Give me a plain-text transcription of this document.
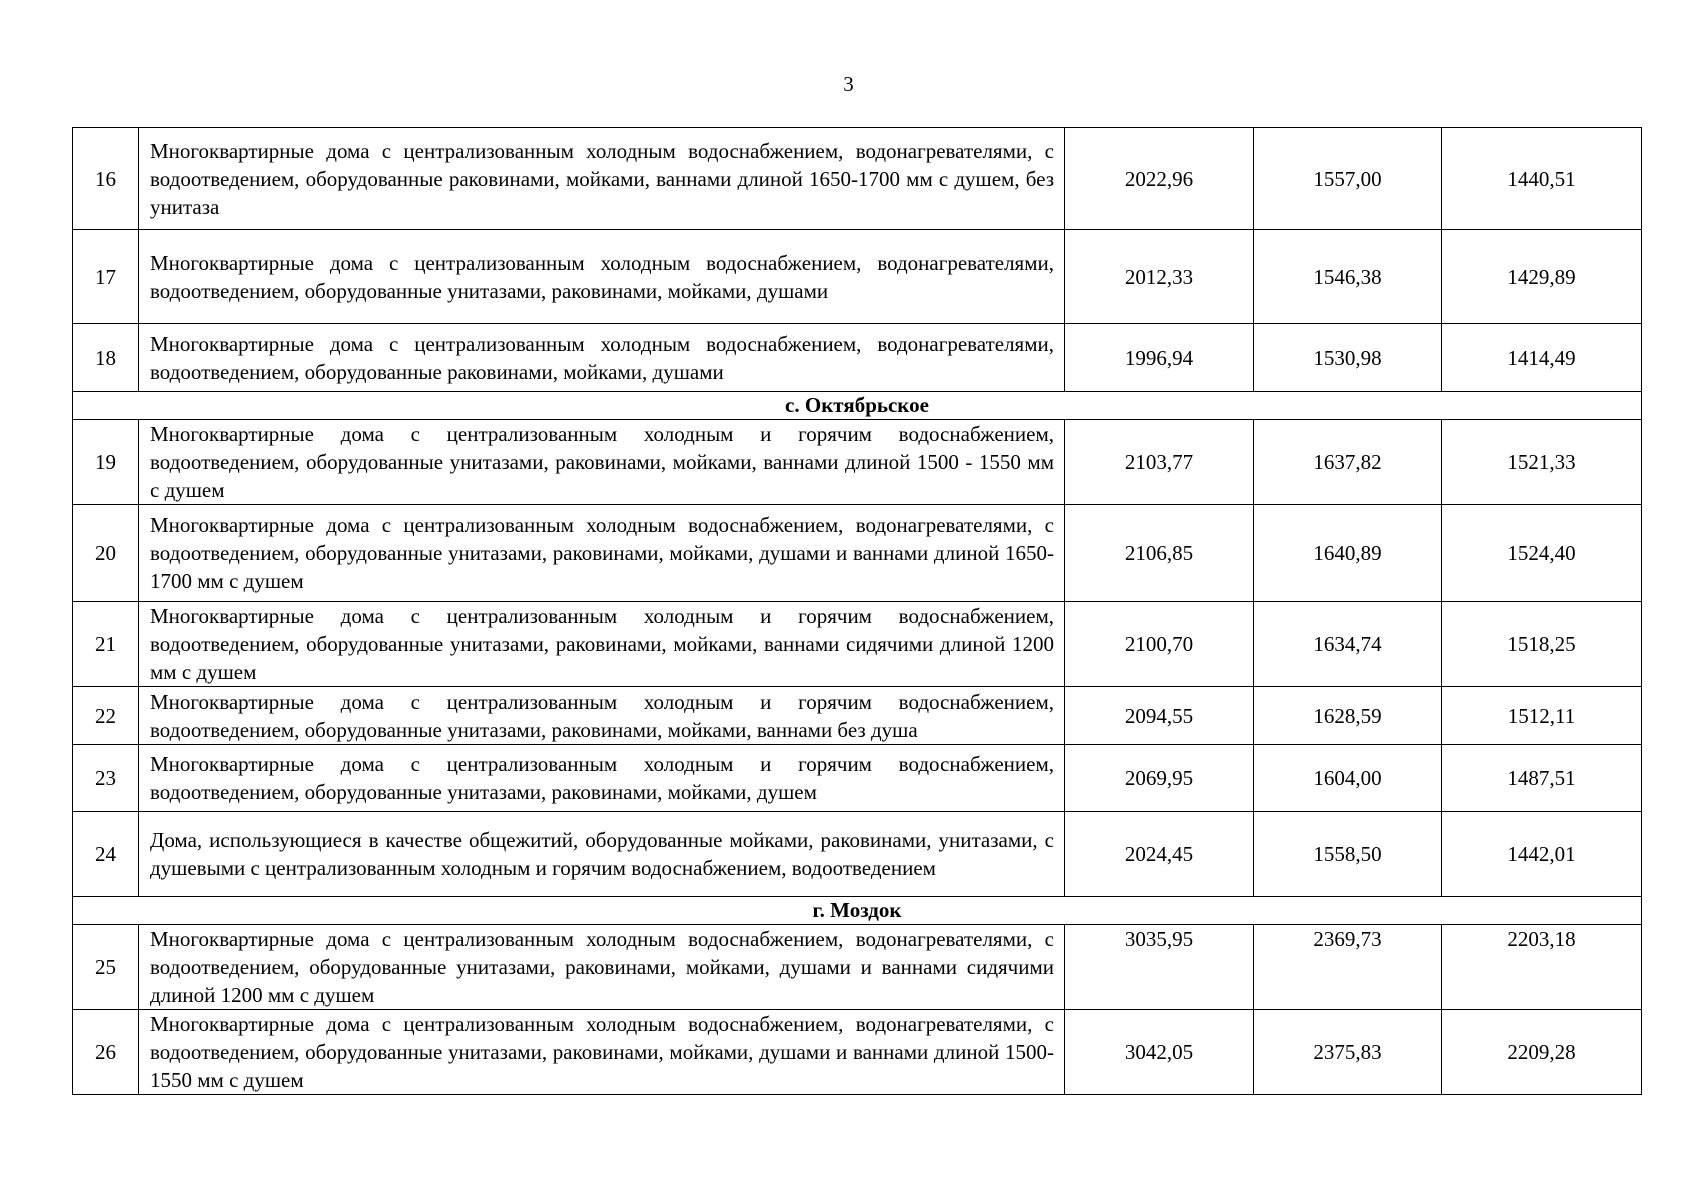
3
16	Многоквартирные дома с централизованным холодным водоснабжением, водонагревателями, с водоотведением, оборудованные раковинами, мойками, ваннами длиной 1650-1700 мм с душем, без унитаза	2022,96	1557,00	1440,51
17	Многоквартирные дома с централизованным холодным водоснабжением, водонагревателями, водоотведением, оборудованные унитазами, раковинами, мойками, душами	2012,33	1546,38	1429,89
18	Многоквартирные дома с централизованным холодным водоснабжением, водонагревателями, водоотведением, оборудованные раковинами, мойками, душами	1996,94	1530,98	1414,49
с. Октябрьское				
19	Многоквартирные дома с централизованным холодным и горячим водоснабжением, водоотведением, оборудованные унитазами, раковинами, мойками, ваннами длиной 1500 - 1550 мм с душем	2103,77	1637,82	1521,33
20	Многоквартирные дома с централизованным холодным водоснабжением, водонагревателями, с водоотведением, оборудованные унитазами, раковинами, мойками, душами и ваннами длиной 1650-1700 мм с душем	2106,85	1640,89	1524,40
21	Многоквартирные дома с централизованным холодным и горячим водоснабжением, водоотведением, оборудованные унитазами, раковинами, мойками, ваннами сидячими длиной 1200 мм с душем	2100,70	1634,74	1518,25
22	Многоквартирные дома с централизованным холодным и горячим водоснабжением, водоотведением, оборудованные унитазами, раковинами, мойками, ваннами без душа	2094,55	1628,59	1512,11
23	Многоквартирные дома с централизованным холодным и горячим водоснабжением, водоотведением, оборудованные унитазами, раковинами, мойками, душем	2069,95	1604,00	1487,51
24	Дома, использующиеся в качестве общежитий, оборудованные мойками, раковинами, унитазами, с душевыми с централизованным холодным и горячим водоснабжением, водоотведением	2024,45	1558,50	1442,01
г. Моздок				
25	Многоквартирные дома с централизованным холодным водоснабжением, водонагревателями, с водоотведением, оборудованные унитазами, раковинами, мойками, душами и ваннами сидячими длиной 1200 мм с душем	3035,95	2369,73	2203,18
26	Многоквартирные дома с централизованным холодным водоснабжением, водонагревателями, с водоотведением, оборудованные унитазами, раковинами, мойками, душами и ваннами длиной 1500-1550 мм с душем	3042,05	2375,83	2209,28
